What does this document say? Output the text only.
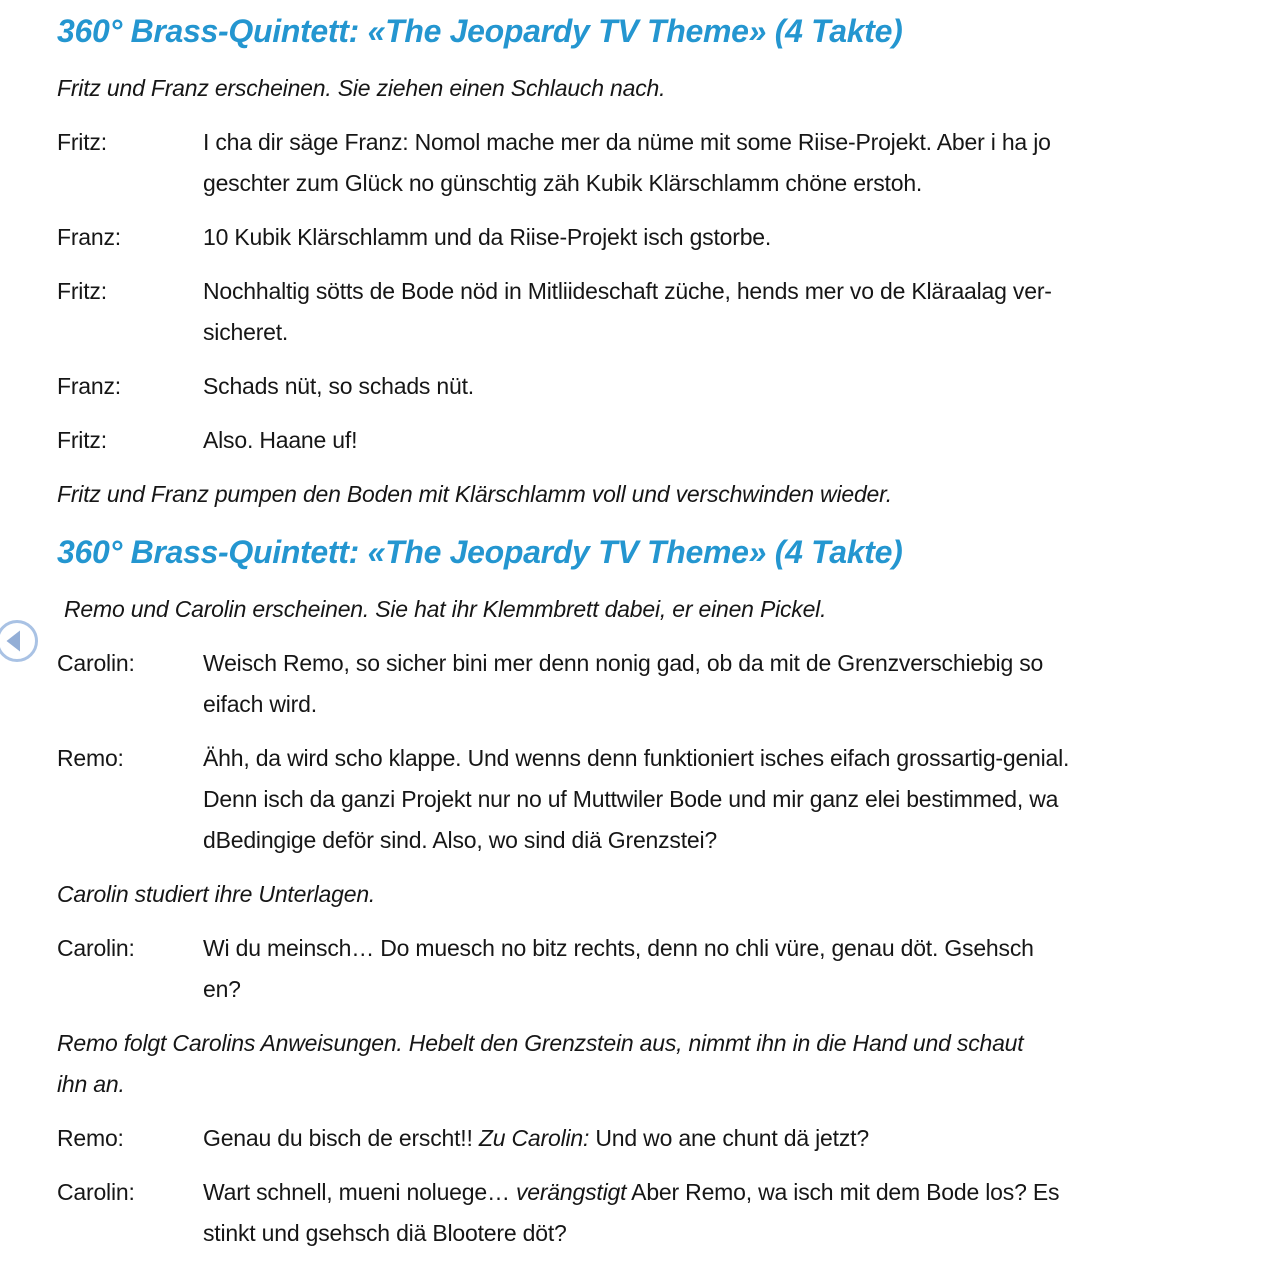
360° Brass-Quintett: «The Jeopardy TV Theme» (4 Takte)

Fritz und Franz erscheinen. Sie ziehen einen Schlauch nach.

Fritz:	I cha dir säge Franz: Nomol mache mer da nüme mit some Riise-Projekt. Aber i ha jo
geschter zum Glück no günschtig zäh Kubik Klärschlamm chöne erstoh.

Franz:	10 Kubik Klärschlamm und da Riise-Projekt isch gstorbe.

Fritz:	Nochhaltig sötts de Bode nöd in Mitliideschaft züche, hends mer vo de Kläraalag ver-
sicheret.

Franz:	Schads nüt, so schads nüt.

Fritz:	Also. Haane uf!

Fritz und Franz pumpen den Boden mit Klärschlamm voll und verschwinden wieder.

360° Brass-Quintett: «The Jeopardy TV Theme» (4 Takte)

Remo und Carolin erscheinen. Sie hat ihr Klemmbrett dabei, er einen Pickel.

Carolin:	Weisch Remo, so sicher bini mer denn nonig gad, ob da mit de Grenzverschiebig so
eifach wird.

Remo:	Ähh, da wird scho klappe. Und wenns denn funktioniert isches eifach grossartig-genial.
Denn isch da ganzi Projekt nur no uf Muttwiler Bode und mir ganz elei bestimmed, wa
dBedingige deför sind. Also, wo sind diä Grenzstei?

Carolin studiert ihre Unterlagen.

Carolin:	Wi du meinsch… Do muesch no bitz rechts, denn no chli vüre, genau döt. Gsehsch
en?

Remo folgt Carolins Anweisungen. Hebelt den Grenzstein aus, nimmt ihn in die Hand und schaut
ihn an.

Remo:	Genau du bisch de erscht!! Zu Carolin: Und wo ane chunt dä jetzt?

Carolin:	Wart schnell, mueni noluege… verängstigt Aber Remo, wa isch mit dem Bode los? Es
stinkt und gsehsch diä Blootere döt?
